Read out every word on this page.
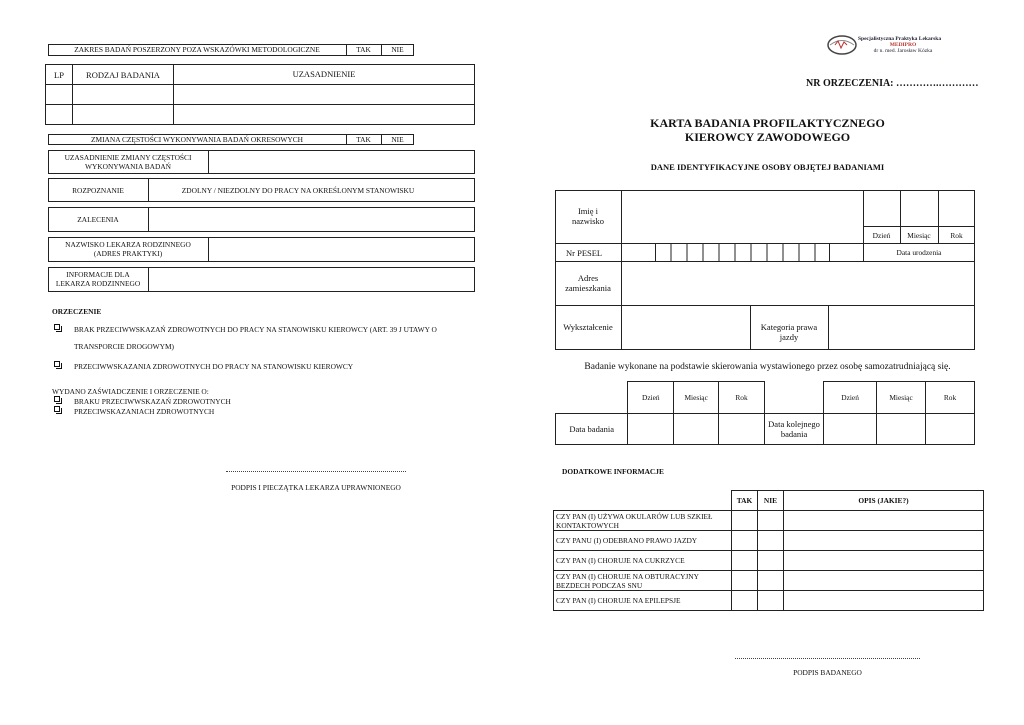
ZAKRES BADAŃ POSZERZONY POZA WSKAZÓWKI METODOLOGICZNE	TAK	NIE
LP	RODZAJ BADANIA	UZASADNIENIE

ZMIANA CZĘSTOŚCI WYKONYWANIA BADAŃ OKRESOWYCH	TAK	NIE
UZASADNIENIE ZMIANY CZĘSTOŚCI
WYKONYWANIA BADAŃ
ROZPOZNANIE	ZDOLNY / NIEZDOLNY DO PRACY NA OKREŚLONYM STANOWISKU
ZALECENIA
NAZWISKO LEKARZA RODZINNEGO
(ADRES PRAKTYKI)
INFORMACJE DLA
LEKARZA RODZINNEGO
ORZECZENIE
BRAK PRZECIWWSKAZAŃ ZDROWOTNYCH DO PRACY NA STANOWISKU KIEROWCY (ART. 39 J UTAWY O
TRANSPORCIE DROGOWYM)
PRZECIWWSKAZANIA ZDROWOTNYCH DO PRACY NA STANOWISKU KIEROWCY
WYDANO ZAŚWIADCZENIE I ORZECZENIE O:
BRAKU PRZECIWWSKAZAŃ ZDROWOTNYCH
PRZECIWSKAZANIACH ZDROWOTNYCH
PODPIS I PIECZĄTKA LEKARZA UPRAWNIONEGO
Specjalistyczna Praktyka Lekarska
MEDIPRO
dr n. med. Jarosław Kózka
NR ORZECZENIA: ………….…………
KARTA BADANIA PROFILAKTYCZNEGO
KIEROWCY ZAWODOWEGO
DANE IDENTYFIKACYJNE OSOBY OBJĘTEJ BADANIAMI
Imię i
nazwisko
Dzień	Miesiąc	Rok
Nr PESEL	Data urodzenia
Adres
zamieszkania
Wykształcenie	Kategoria prawa
jazdy
Badanie wykonane na podstawie skierowania wystawionego przez osobę samozatrudniającą się.
	Dzień	Miesiąc	Rok		Dzień	Miesiąc	Rok
Data badania				Data kolejnego
badania			
DODATKOWE INFORMACJE
	TAK	NIE	OPIS (JAKIE?)
CZY PAN (I) UŻYWA OKULARÓW LUB SZKIEŁ
KONTAKTOWYCH			
CZY PANU (I) ODEBRANO PRAWO JAZDY			
CZY PAN (I) CHORUJE NA CUKRZYCE			
CZY PAN (I) CHORUJE NA OBTURACYJNY
BEZDECH PODCZAS SNU			
CZY PAN (I) CHORUJE NA EPILEPSJE			
PODPIS BADANEGO
